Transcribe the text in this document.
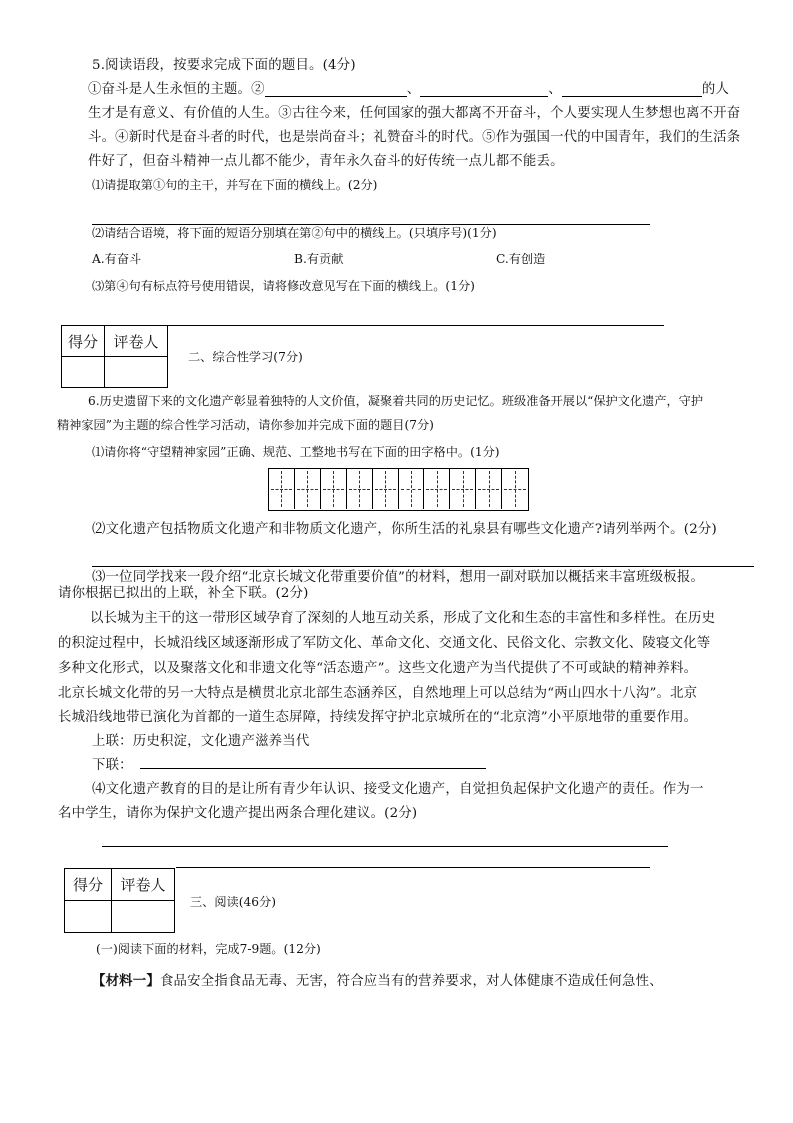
5.阅读语段，按要求完成下面的题目。(4分)
①奋斗是人生永恒的主题。②	、	、	的人
生才是有意义、有价值的人生。③古往今来，任何国家的强大都离不开奋斗，个人要实现人生梦想也离不开奋
斗。④新时代是奋斗者的时代，也是崇尚奋斗；礼赞奋斗的时代。⑤作为强国一代的中国青年，我们的生活条
件好了，但奋斗精神一点儿都不能少，青年永久奋斗的好传统一点儿都不能丢。
⑴请提取第①句的主干，并写在下面的横线上。(2分)
⑵请结合语境，将下面的短语分别填在第②句中的横线上。(只填序号)(1分)
A.有奋斗	B.有贡献	C.有创造
⑶第④句有标点符号使用错误，请将修改意见写在下面的横线上。(1分)
得分	评卷人

二、综合性学习(7分)
6.历史遗留下来的文化遗产彰显着独特的人文价值，凝聚着共同的历史记忆。班级准备开展以“保护文化遗产，守护
精神家园”为主题的综合性学习活动，请你参加并完成下面的题目(7分)
⑴请你将“守望精神家园”正确、规范、工整地书写在下面的田字格中。(1分)
⑵文化遗产包括物质文化遗产和非物质文化遗产，你所生活的礼泉县有哪些文化遗产?请列举两个。(2分)
⑶一位同学找来一段介绍“北京长城文化带重要价值”的材料，想用一副对联加以概括来丰富班级板报。
请你根据已拟出的上联，补全下联。(2分)
以长城为主干的这一带形区域孕育了深刻的人地互动关系，形成了文化和生态的丰富性和多样性。在历史
的积淀过程中，长城沿线区域逐渐形成了军防文化、革命文化、交通文化、民俗文化、宗教文化、陵寝文化等
多种文化形式，以及聚落文化和非遗文化等“活态遗产”。这些文化遗产为当代提供了不可或缺的精神养料。
北京长城文化带的另一大特点是横贯北京北部生态涵养区，自然地理上可以总结为“两山四水十八沟”。北京
长城沿线地带已演化为首都的一道生态屏障，持续发挥守护北京城所在的“北京湾”小平原地带的重要作用。
上联：历史积淀，文化遗产滋养当代
下联：
⑷文化遗产教育的目的是让所有青少年认识、接受文化遗产，自觉担负起保护文化遗产的责任。作为一
名中学生，请你为保护文化遗产提出两条合理化建议。(2分)
得分	评卷人

三、阅读(46分)
(一)阅读下面的材料，完成7-9题。(12分)
【材料一】食品安全指食品无毒、无害，符合应当有的营养要求，对人体健康不造成任何急性、
